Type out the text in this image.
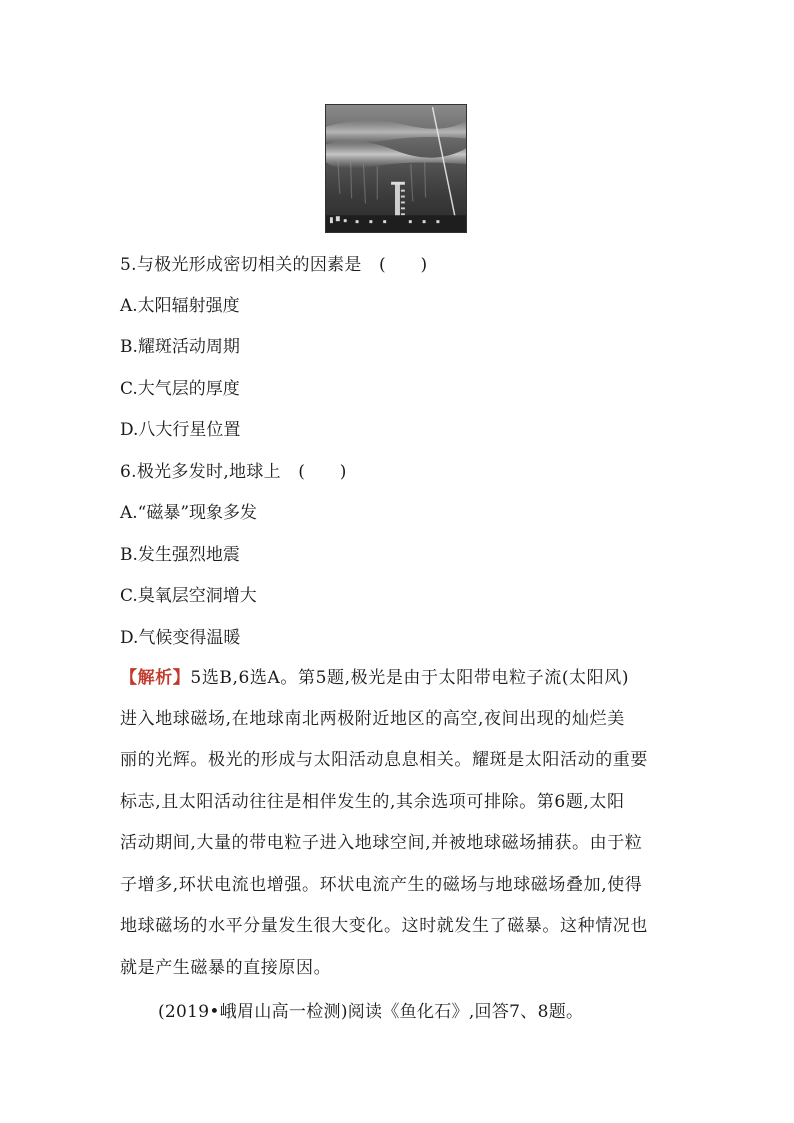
5.与极光形成密切相关的因素是　(　　)
A.太阳辐射强度
B.耀斑活动周期
C.大气层的厚度
D.八大行星位置
6.极光多发时,地球上　(　　)
A.“磁暴”现象多发
B.发生强烈地震
C.臭氧层空洞增大
D.气候变得温暖
【解析】5选B,6选A。第5题,极光是由于太阳带电粒子流(太阳风)
进入地球磁场,在地球南北两极附近地区的高空,夜间出现的灿烂美
丽的光辉。极光的形成与太阳活动息息相关。耀斑是太阳活动的重要
标志,且太阳活动往往是相伴发生的,其余选项可排除。第6题,太阳
活动期间,大量的带电粒子进入地球空间,并被地球磁场捕获。由于粒
子增多,环状电流也增强。环状电流产生的磁场与地球磁场叠加,使得
地球磁场的水平分量发生很大变化。这时就发生了磁暴。这种情况也
就是产生磁暴的直接原因。
(2019•峨眉山高一检测)阅读《鱼化石》,回答7、8题。
